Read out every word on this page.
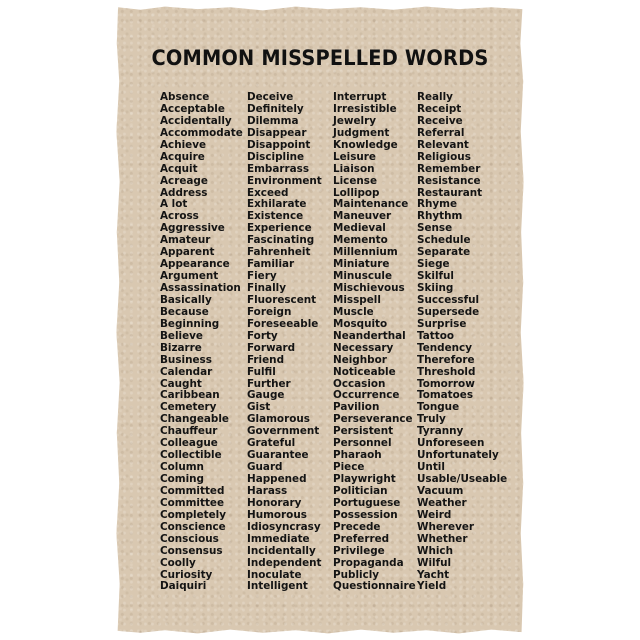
COMMON MISSPELLED WORDS
Absence
Acceptable
Accidentally
Accommodate
Achieve
Acquire
Acquit
Acreage
Address
A lot
Across
Aggressive
Amateur
Apparent
Appearance
Argument
Assassination
Basically
Because
Beginning
Believe
Bizarre
Business
Calendar
Caught
Caribbean
Cemetery
Changeable
Chauffeur
Colleague
Collectible
Column
Coming
Committed
Committee
Completely
Conscience
Conscious
Consensus
Coolly
Curiosity
Daiquiri
Deceive
Definitely
Dilemma
Disappear
Disappoint
Discipline
Embarrass
Environment
Exceed
Exhilarate
Existence
Experience
Fascinating
Fahrenheit
Familiar
Fiery
Finally
Fluorescent
Foreign
Foreseeable
Forty
Forward
Friend
Fulfil
Further
Gauge
Gist
Glamorous
Government
Grateful
Guarantee
Guard
Happened
Harass
Honorary
Humorous
Idiosyncrasy
Immediate
Incidentally
Independent
Inoculate
Intelligent
Interrupt
Irresistible
Jewelry
Judgment
Knowledge
Leisure
Liaison
License
Lollipop
Maintenance
Maneuver
Medieval
Memento
Millennium
Miniature
Minuscule
Mischievous
Misspell
Muscle
Mosquito
Neanderthal
Necessary
Neighbor
Noticeable
Occasion
Occurrence
Pavilion
Perseverance
Persistent
Personnel
Pharaoh
Piece
Playwright
Politician
Portuguese
Possession
Precede
Preferred
Privilege
Propaganda
Publicly
Questionnaire
Really
Receipt
Receive
Referral
Relevant
Religious
Remember
Resistance
Restaurant
Rhyme
Rhythm
Sense
Schedule
Separate
Siege
Skilful
Skiing
Successful
Supersede
Surprise
Tattoo
Tendency
Therefore
Threshold
Tomorrow
Tomatoes
Tongue
Truly
Tyranny
Unforeseen
Unfortunately
Until
Usable/Useable
Vacuum
Weather
Weird
Wherever
Whether
Which
Wilful
Yacht
Yield
